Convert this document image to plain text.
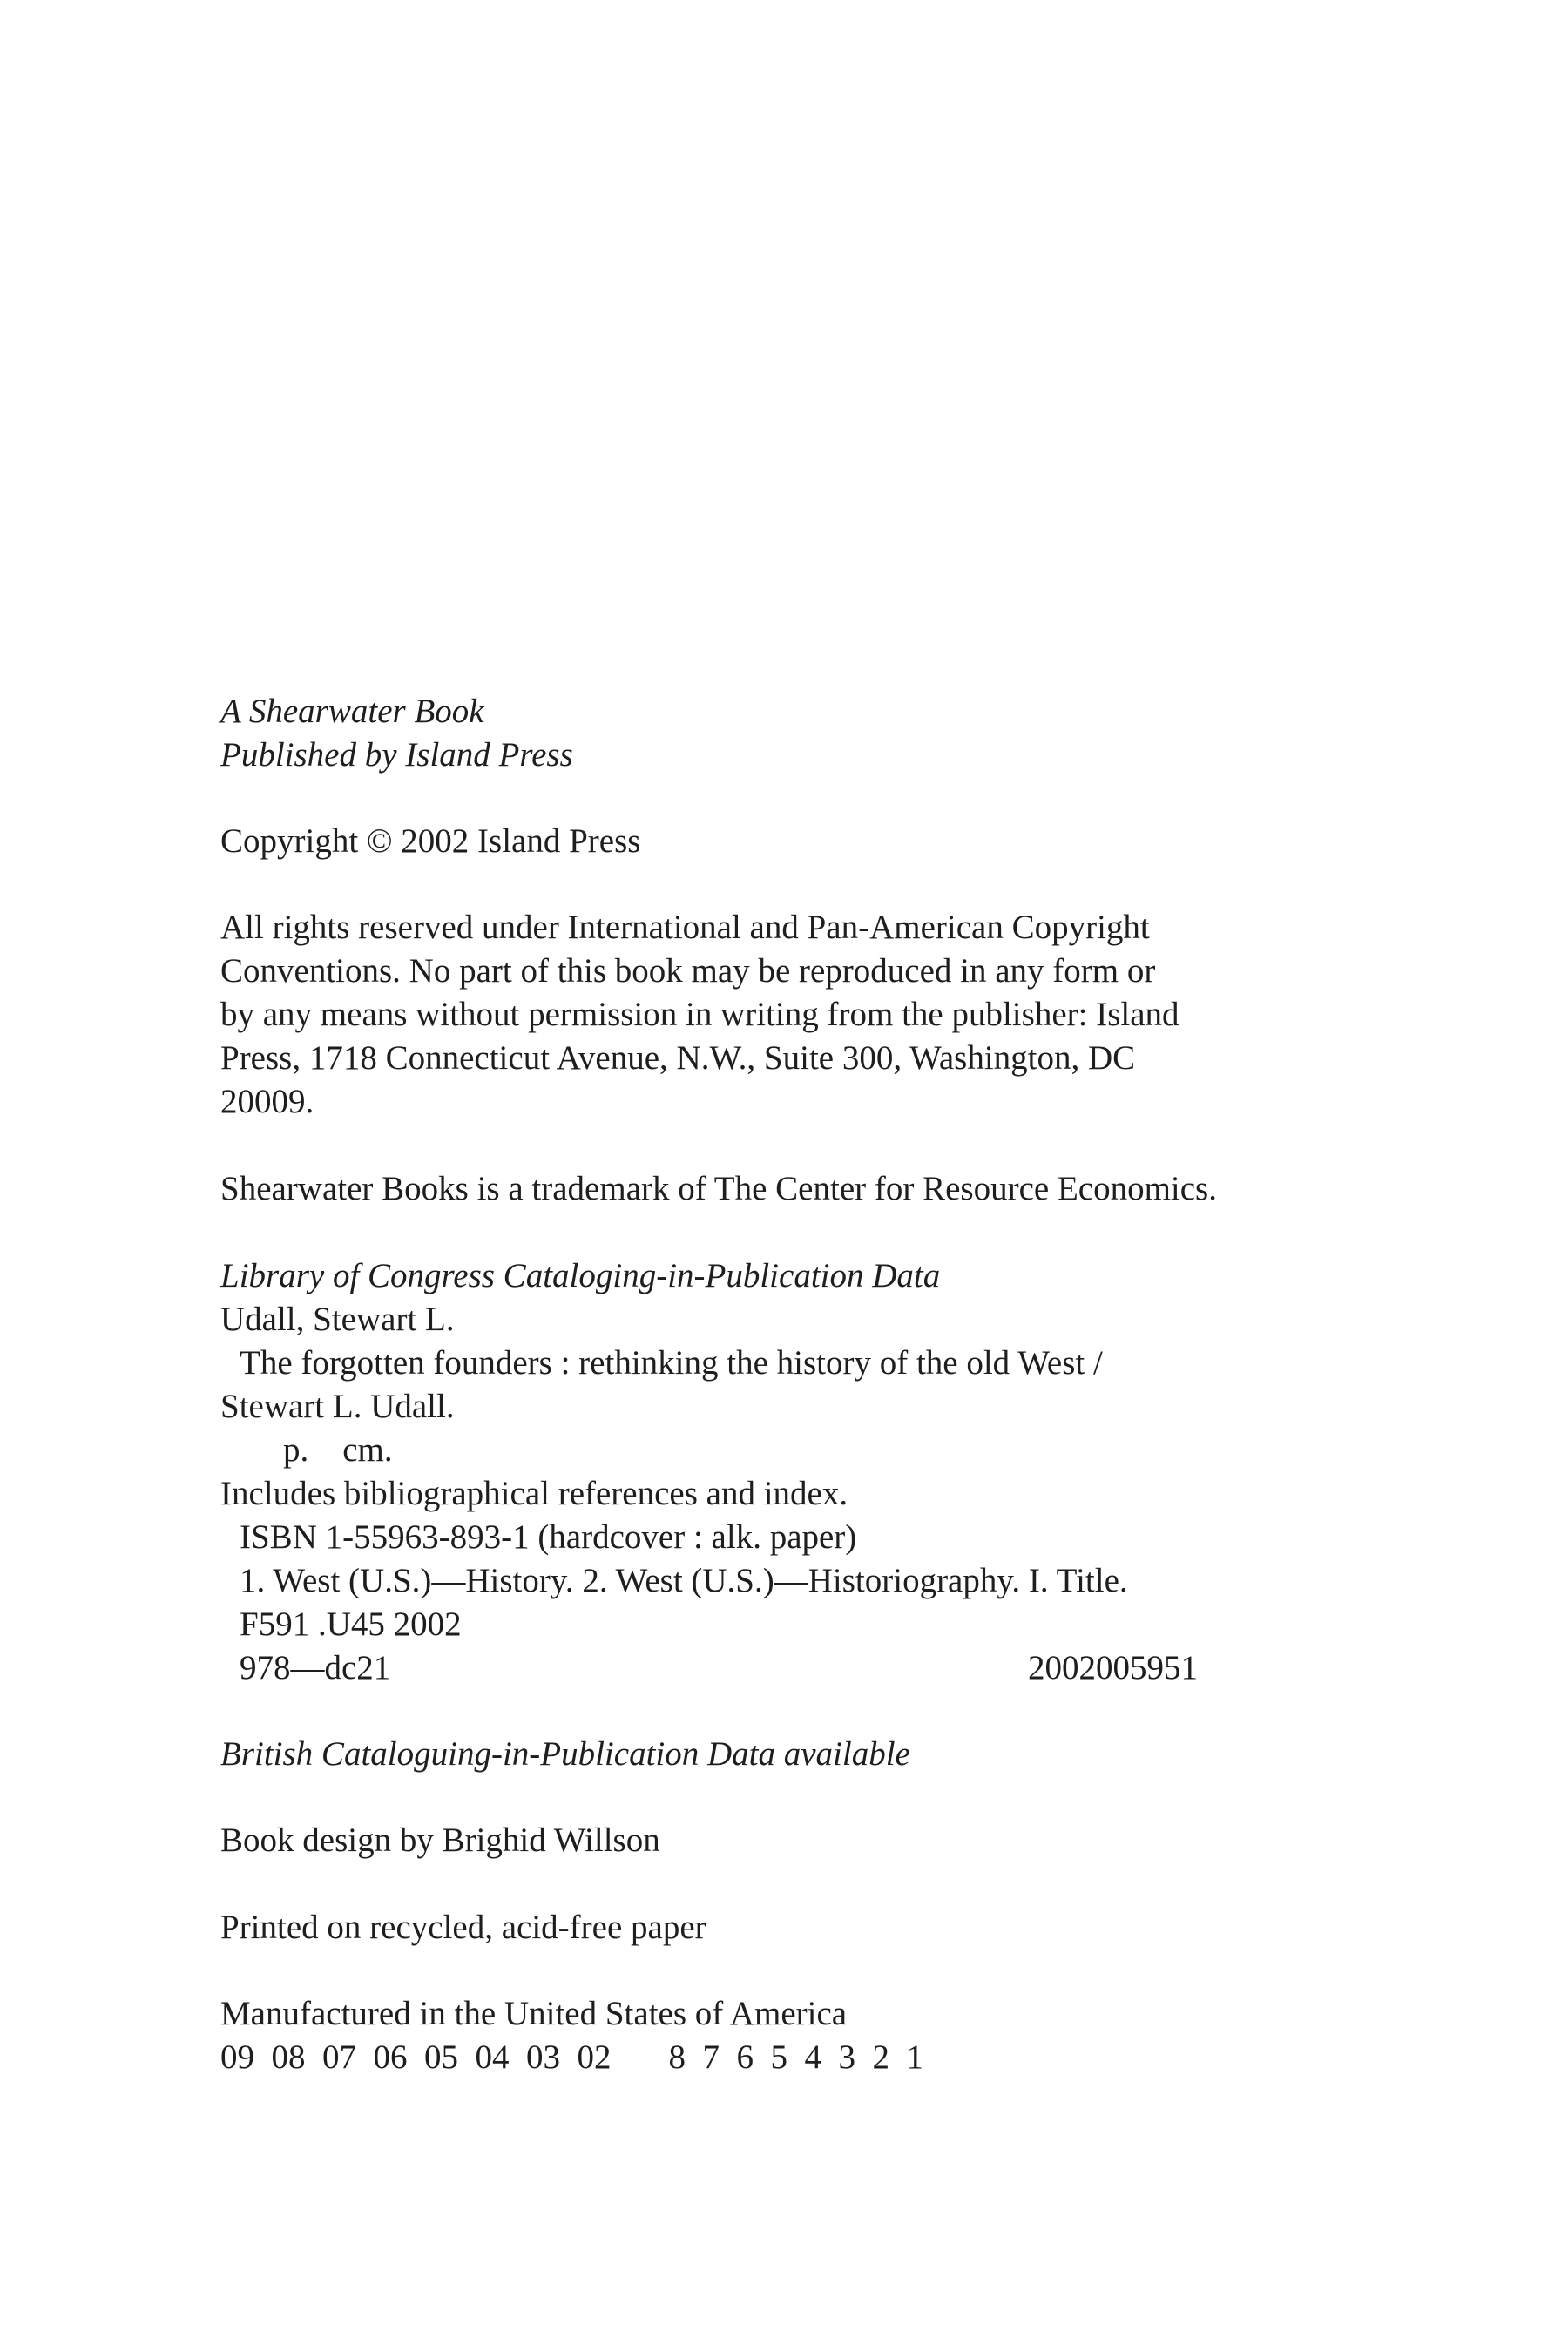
A Shearwater Book
Published by Island Press
Copyright © 2002 Island Press
All rights reserved under International and Pan-American Copyright
Conventions. No part of this book may be reproduced in any form or
by any means without permission in writing from the publisher: Island
Press, 1718 Connecticut Avenue, N.W., Suite 300, Washington, DC
20009.
Shearwater Books is a trademark of The Center for Resource Economics.
Library of Congress Cataloging-in-Publication Data
Udall, Stewart L.
The forgotten founders : rethinking the history of the old West /
Stewart L. Udall.
p.    cm.
Includes bibliographical references and index.
ISBN 1-55963-893-1 (hardcover : alk. paper)
1. West (U.S.)—History. 2. West (U.S.)—Historiography. I. Title.
F591 .U45 2002
978—dc21	2002005951
British Cataloguing-in-Publication Data available
Book design by Brighid Willson
Printed on recycled, acid-free paper
Manufactured in the United States of America
09  08  07  06  05  04  03  02 8  7  6  5  4  3  2  1
